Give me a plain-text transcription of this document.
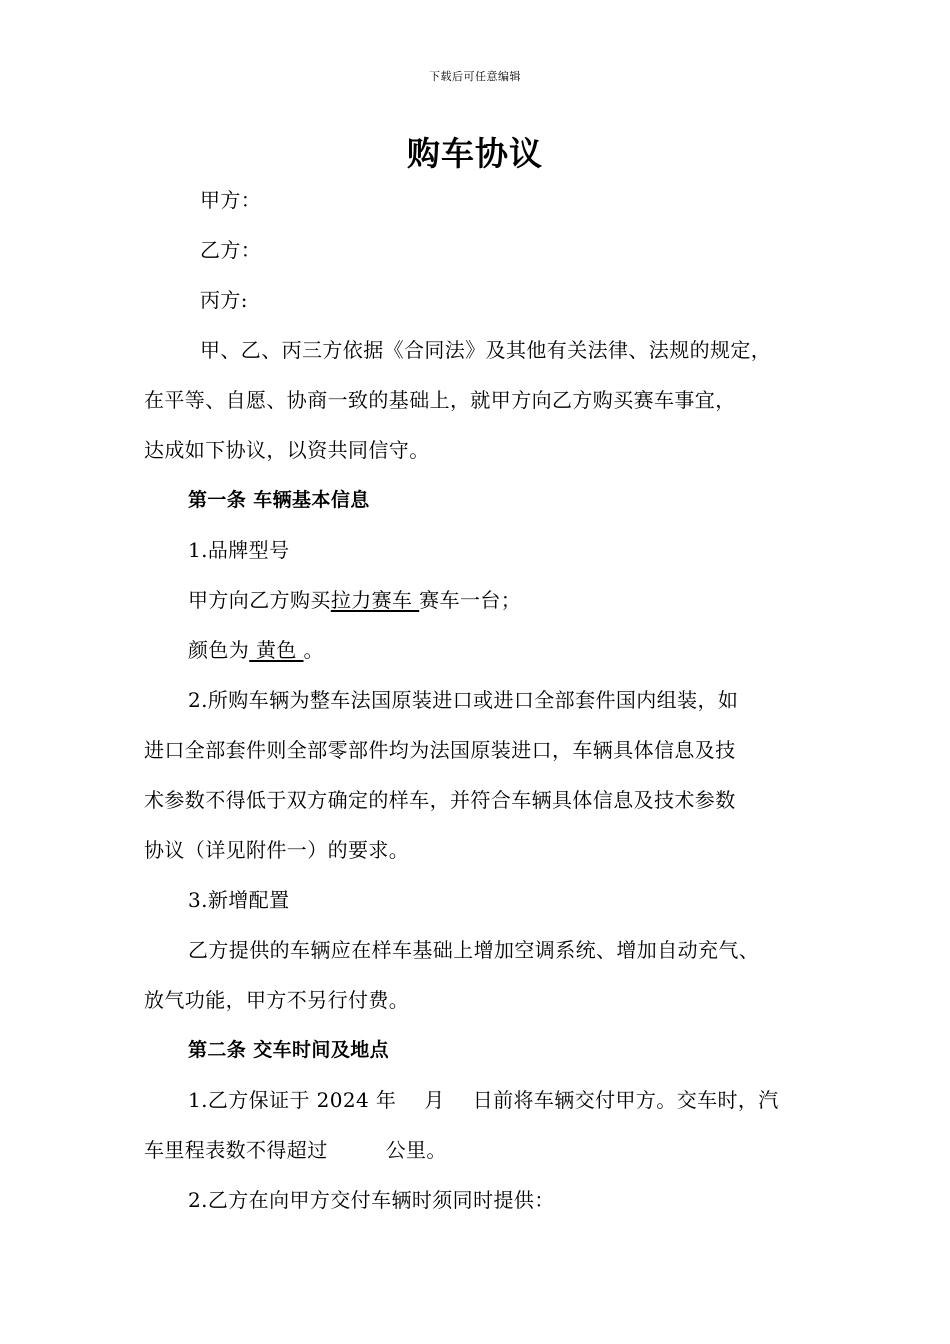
下载后可任意编辑
购车协议
甲方：
乙方：
丙方:
甲、乙、丙三方依据《合同法》及其他有关法律、法规的规定，
在平等、自愿、协商一致的基础上，就甲方向乙方购买赛车事宜，
达成如下协议，以资共同信守。
第一条 车辆基本信息
1.品牌型号
甲方向乙方购买拉力赛车 赛车一台；
颜色为 黄色 。
2.所购车辆为整车法国原装进口或进口全部套件国内组装，如
进口全部套件则全部零部件均为法国原装进口，车辆具体信息及技
术参数不得低于双方确定的样车，并符合车辆具体信息及技术参数
协议（详见附件一）的要求。
3.新增配置
乙方提供的车辆应在样车基础上增加空调系统、增加自动充气、
放气功能，甲方不另行付费。
第二条 交车时间及地点
1.乙方保证于 2024 年 月 日前将车辆交付甲方。交车时，汽
车里程表数不得超过	公里。
2.乙方在向甲方交付车辆时须同时提供：
